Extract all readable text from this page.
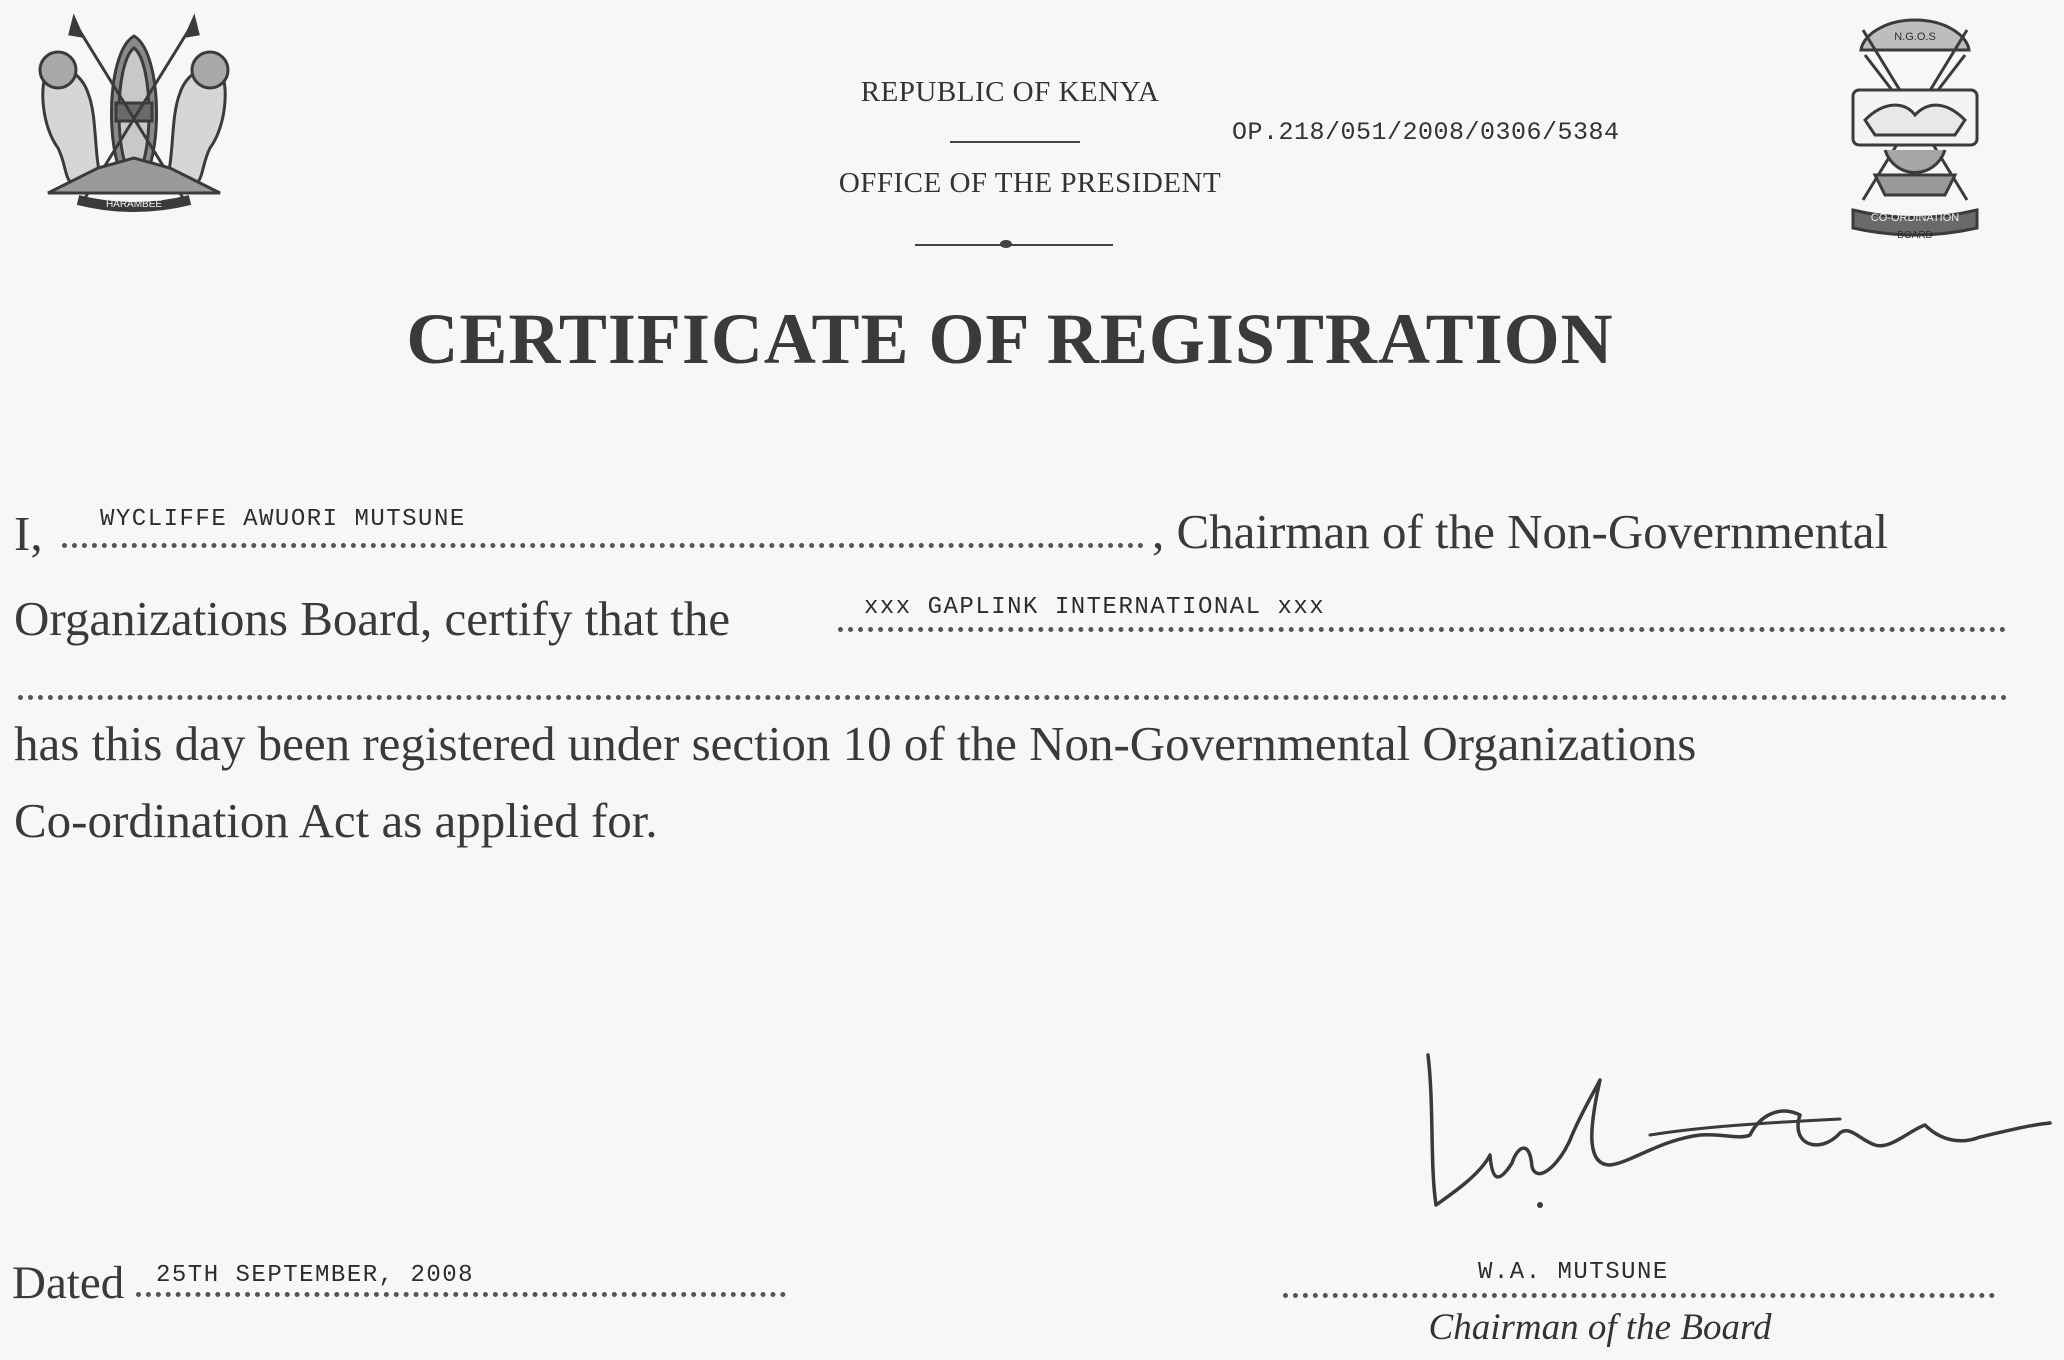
HARAMBEE
REPUBLIC OF KENYA
OFFICE OF THE PRESIDENT
OP.218/051/2008/0306/5384
N.G.O.S
CO-ORDINATION
BOARD
CERTIFICATE OF REGISTRATION
I, WYCLIFFE AWUORI MUTSUNE	, Chairman of the Non-Governmental
Organizations Board, certify that the	xxx GAPLINK INTERNATIONAL xxx
has this day been registered under section 10 of the Non-Governmental Organizations
Co-ordination Act as applied for.
Dated 25TH SEPTEMBER, 2008	W.A. MUTSUNE
Chairman of the Board
